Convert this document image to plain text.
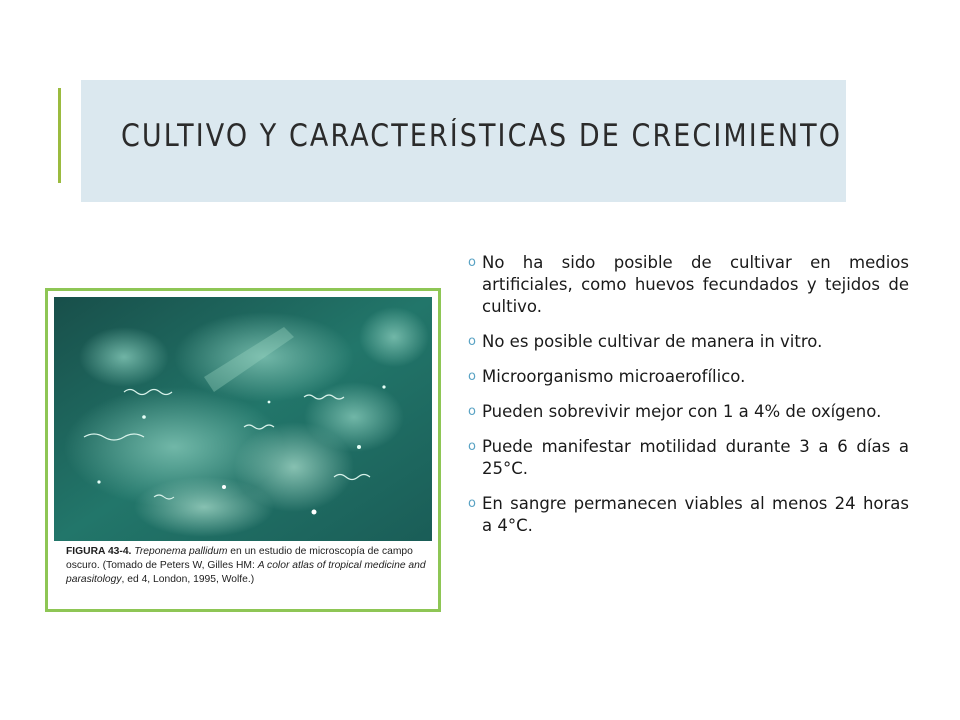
CULTIVO Y CARACTERÍSTICAS DE CRECIMIENTO
FIGURA 43-4. Treponema pallidum en un estudio de microscopía de campo oscuro. (Tomado de Peters W, Gilles HM: A color atlas of tropical medicine and parasitology, ed 4, London, 1995, Wolfe.)
o No ha sido posible de cultivar en medios artificiales, como huevos fecundados y tejidos de cultivo.
o No es posible cultivar de manera in vitro.
o Microorganismo microaerofílico.
o Pueden sobrevivir mejor con 1 a 4% de oxígeno.
o Puede manifestar motilidad durante 3 a 6 días a 25°C.
o En sangre permanecen viables al menos 24 horas a 4°C.
